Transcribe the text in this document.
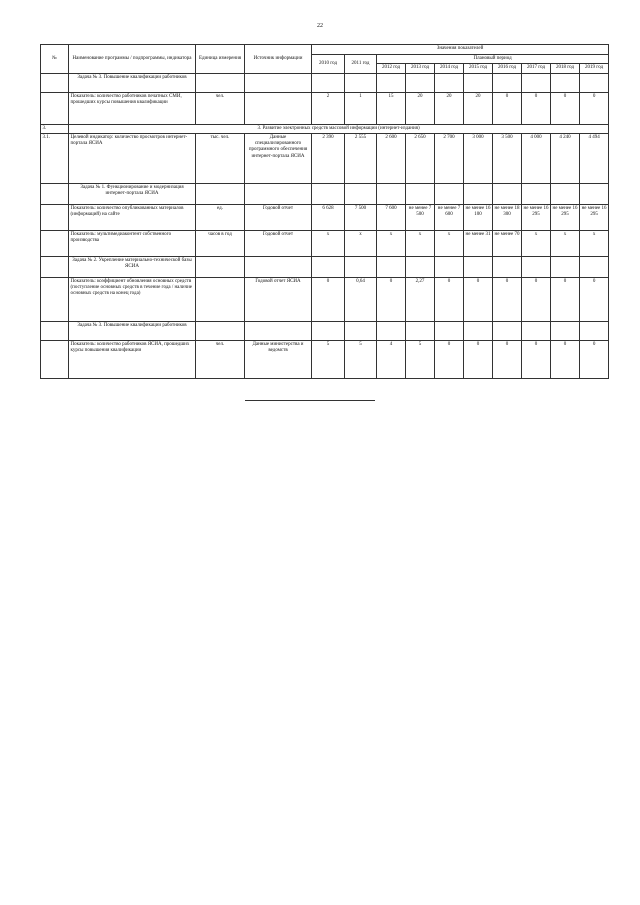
22
№	Наименование программы / подпрограммы, индикатора	Единица измерения	Источник информации	Значения показателей									
				2010 год	2011 год	Плановый период							
						2012 год	2013 год	2014 год	2015 год	2016 год	2017 год	2018 год	2019 год
	Задача № 3. Повышение квалификации работников												
	Показатель: количество работников печатных СМИ, прошедших курсы повышения квалификации	чел.		2	1	15	20	20	20	0	0	0	0
3.	3. Развитие электронных средств массовой информации (интернет-издания)												
3.1.	Целевой индикатор: количество просмотров интернет-портала ЯСИА	тыс. чел.	Данные специализированного программного обеспечения интернет-портала ЯСИА	2 390	2 555	2 600	2 650	2 700	3 000	3 500	4 000	4 240	4 494
	Задача № 1. Функционирование и модернизация интернет-портала ЯСИА												
	Показатель: количество опубликованных материалов (информаций) на сайте	ед.	Годовой отчет	6 628	7 500	7 600	не менее 7 500	не менее 7 600	не менее 16 100	не менее 18 300	не менее 16 295	не менее 16 295	не менее 16 295
	Показатель: мультимедиаконтент собственного производства	часов в год	Годовой отчет	x	x	x	x	x	не менее 31	не менее 70	x	x	x
	Задача № 2. Укрепление материально-технической базы ЯСИА												
	Показатель: коэффициент обновления основных средств (поступление основных средств в течение года / наличие основных средств на конец года)		Годовой отчет ЯСИА	0	0,64	0	2,27	0	0	0	0	0	0
	Задача № 3. Повышение квалификации работников												
	Показатель: количество работников ЯСИА, прошедших курсы повышения квалификации	чел.	Данные министерства и ведомств	5	5	4	5	0	0	0	0	0	0
